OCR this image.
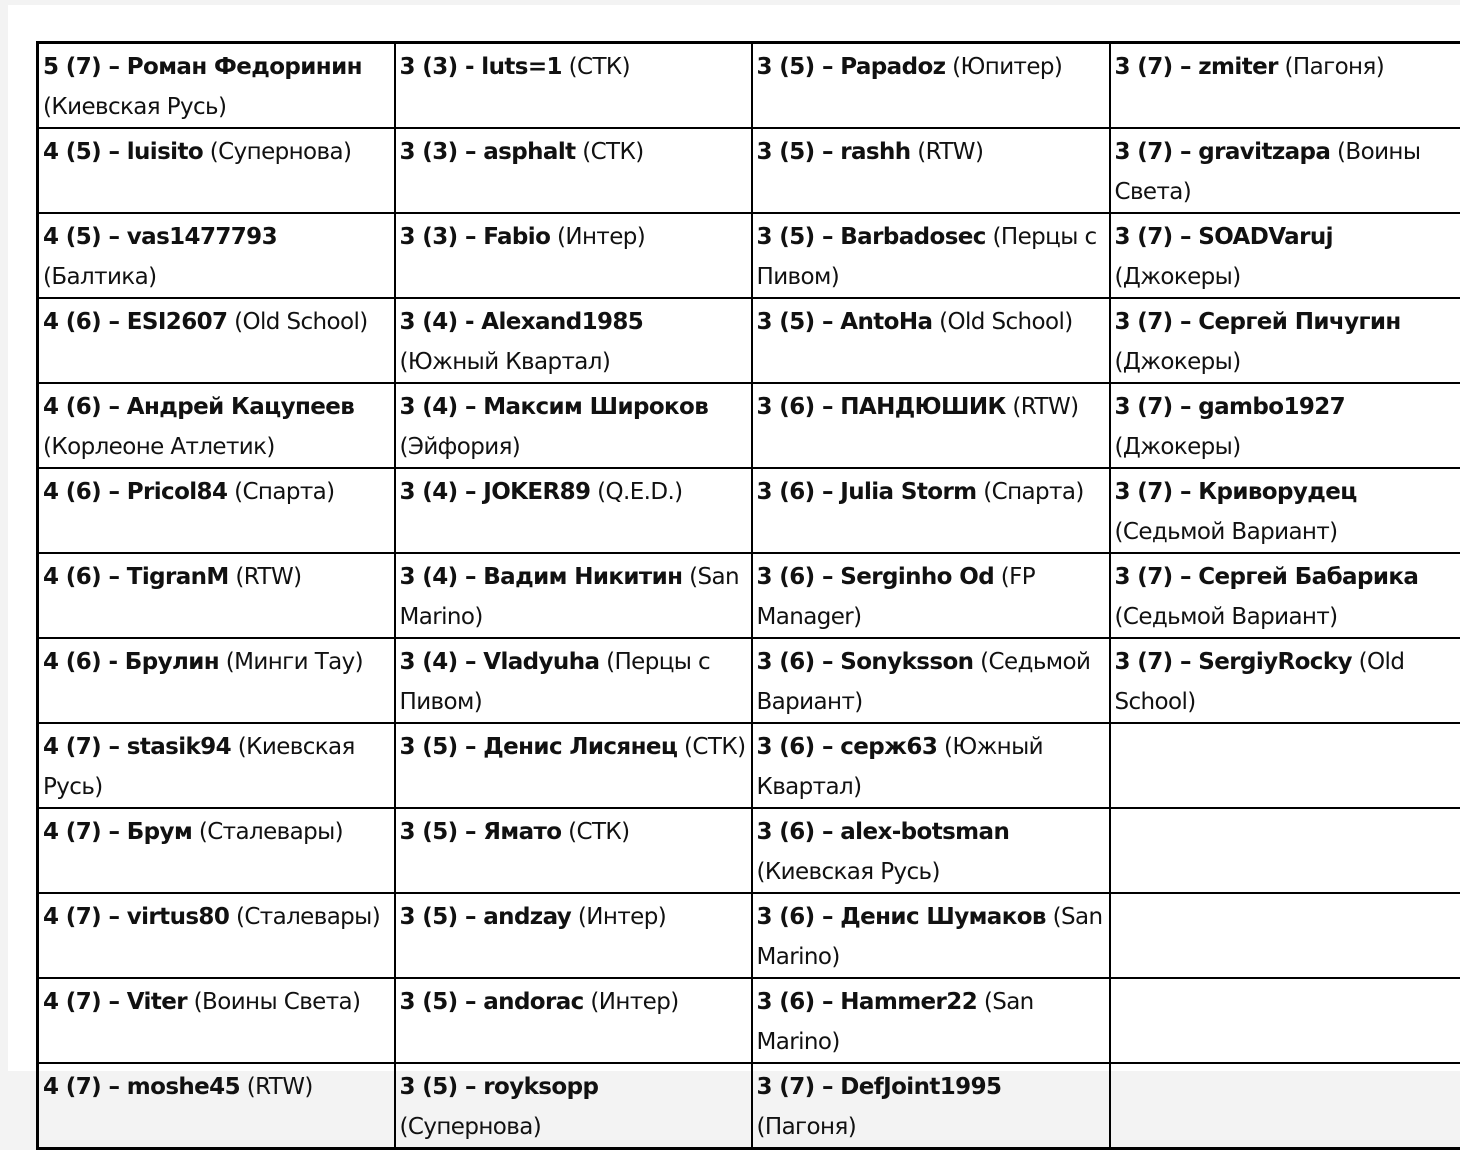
5 (7) – Роман Федоринин (Киевская Русь)	3 (3) - luts=1 (СТК)	3 (5) – Papadoz (Юпитер)	3 (7) – zmiter (Пагоня)
4 (5) – luisito (Супернова)	3 (3) – asphalt (СТК)	3 (5) – rashh (RTW)	3 (7) – gravitzapa (Воины Света)
4 (5) – vas1477793 (Балтика)	3 (3) – Fabio (Интер)	3 (5) – Barbadosec (Перцы с Пивом)	3 (7) – SOADVaruj (Джокеры)
4 (6) – ESI2607 (Old School)	3 (4) - Alexand1985 (Южный Квартал)	3 (5) – AntoHa (Old School)	3 (7) – Сергей Пичугин (Джокеры)
4 (6) – Андрей Кацупеев (Корлеоне Атлетик)	3 (4) – Максим Широков (Эйфория)	3 (6) – ПАНДЮШИК (RTW)	3 (7) – gambo1927 (Джокеры)
4 (6) – Pricol84 (Спарта)	3 (4) – JOKER89 (Q.E.D.)	3 (6) – Julia Storm (Спарта)	3 (7) – Криворудец (Седьмой Вариант)
4 (6) – TigranM (RTW)	3 (4) – Вадим Никитин (San Marino)	3 (6) – Serginho Od (FP Manager)	3 (7) – Сергей Бабарика (Седьмой Вариант)
4 (6) - Брулин (Минги Тау)	3 (4) – Vladyuha (Перцы с Пивом)	3 (6) – Sonyksson (Седьмой Вариант)	3 (7) – SergiyRocky (Old School)
4 (7) – stasik94 (Киевская Русь)	3 (5) – Денис Лисянец (СТК)	3 (6) – серж63 (Южный Квартал)	
4 (7) – Брум (Сталевары)	3 (5) – Ямато (СТК)	3 (6) – alex-botsman (Киевская Русь)	
4 (7) – virtus80 (Сталевары)	3 (5) – andzay (Интер)	3 (6) – Денис Шумаков (San Marino)	
4 (7) – Viter (Воины Света)	3 (5) – andorac (Интер)	3 (6) – Hammer22 (San Marino)	
4 (7) – moshe45 (RTW)	3 (5) – royksopp (Супернова)	3 (7) – DefJoint1995 (Пагоня)	
